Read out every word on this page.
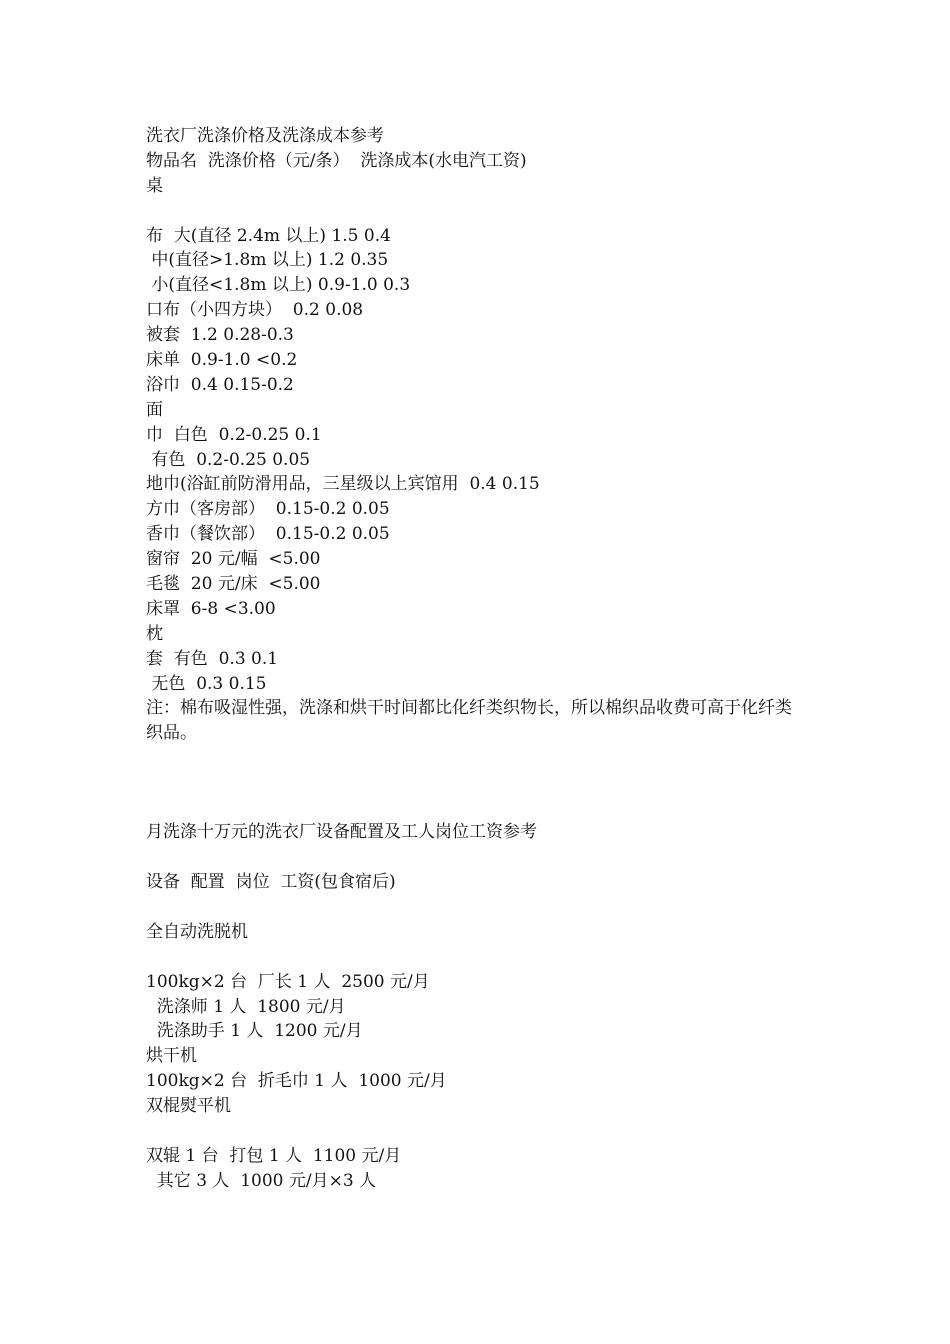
洗衣厂洗涤价格及洗涤成本参考
物品名  洗涤价格（元/条）  洗涤成本(水电汽工资)
桌
布  大(直径 2.4m 以上) 1.5 0.4
中(直径>1.8m 以上) 1.2 0.35
小(直径<1.8m 以上) 0.9-1.0 0.3
口布（小四方块）  0.2 0.08
被套  1.2 0.28-0.3
床单  0.9-1.0 <0.2
浴巾  0.4 0.15-0.2
面
巾  白色  0.2-0.25 0.1
有色  0.2-0.25 0.05
地巾(浴缸前防滑用品，三星级以上宾馆用  0.4 0.15
方巾（客房部）  0.15-0.2 0.05
香巾（餐饮部）  0.15-0.2 0.05
窗帘  20 元/幅  <5.00
毛毯  20 元/床  <5.00
床罩  6-8 <3.00
枕
套  有色  0.3 0.1
无色  0.3 0.15
注：棉布吸湿性强，洗涤和烘干时间都比化纤类织物长，所以棉织品收费可高于化纤类织品。
月洗涤十万元的洗衣厂设备配置及工人岗位工资参考
设备  配置  岗位  工资(包食宿后)
全自动洗脱机
100kg×2 台  厂长 1 人  2500 元/月
洗涤师 1 人  1800 元/月
洗涤助手 1 人  1200 元/月
烘干机
100kg×2 台  折毛巾 1 人  1000 元/月
双棍熨平机
双辊 1 台  打包 1 人  1100 元/月
其它 3 人  1000 元/月×3 人
